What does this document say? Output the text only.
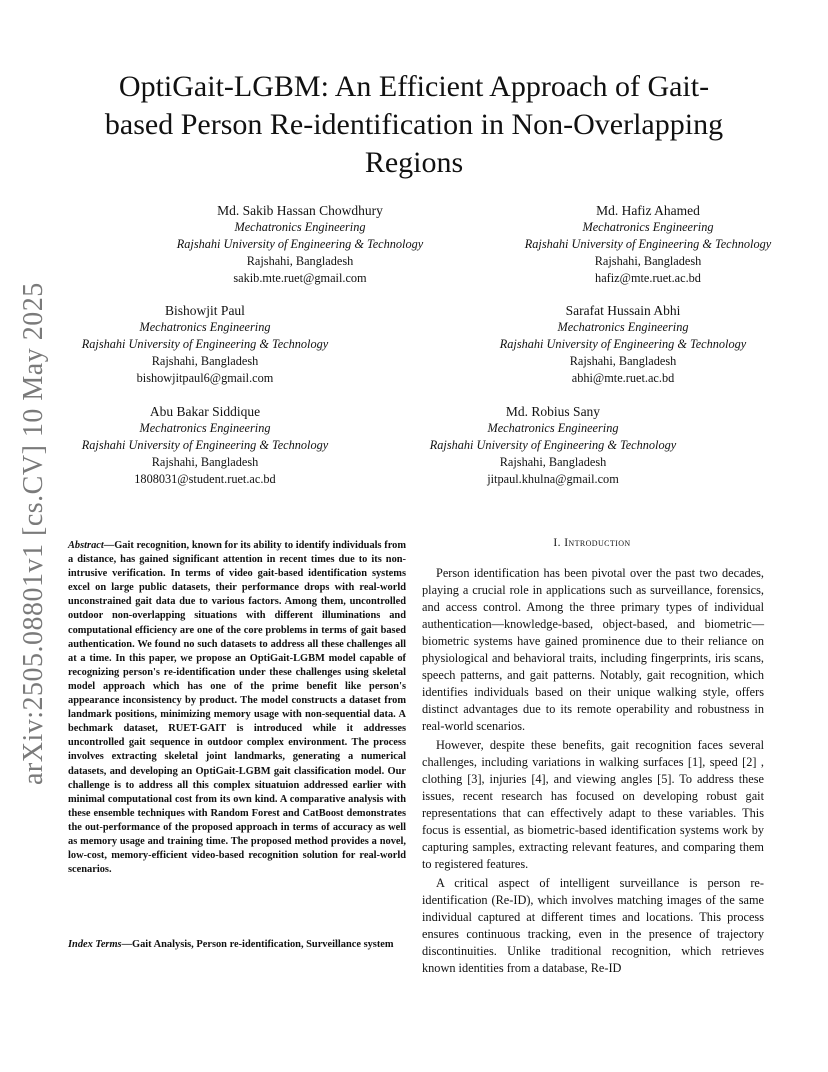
arXiv:2505.08801v1 [cs.CV] 10 May 2025
OptiGait-LGBM: An Efficient Approach of Gait-based Person Re-identification in Non-Overlapping Regions
Md. Sakib Hassan Chowdhury
Mechatronics Engineering
Rajshahi University of Engineering & Technology
Rajshahi, Bangladesh
sakib.mte.ruet@gmail.com
Md. Hafiz Ahamed
Mechatronics Engineering
Rajshahi University of Engineering & Technology
Rajshahi, Bangladesh
hafiz@mte.ruet.ac.bd
Bishowjit Paul
Mechatronics Engineering
Rajshahi University of Engineering & Technology
Rajshahi, Bangladesh
bishowjitpaul6@gmail.com
Sarafat Hussain Abhi
Mechatronics Engineering
Rajshahi University of Engineering & Technology
Rajshahi, Bangladesh
abhi@mte.ruet.ac.bd
Abu Bakar Siddique
Mechatronics Engineering
Rajshahi University of Engineering & Technology
Rajshahi, Bangladesh
1808031@student.ruet.ac.bd
Md. Robius Sany
Mechatronics Engineering
Rajshahi University of Engineering & Technology
Rajshahi, Bangladesh
jitpaul.khulna@gmail.com
Abstract—Gait recognition, known for its ability to identify individuals from a distance, has gained significant attention in recent times due to its non-intrusive verification. In terms of video gait-based identification systems excel on large public datasets, their performance drops with real-world unconstrained gait data due to various factors. Among them, uncontrolled outdoor non-overlapping situations with different illuminations and computational efficiency are one of the core problems in terms of gait based authentication. We found no such datasets to address all these challenges all at a time. In this paper, we propose an OptiGait-LGBM model capable of recognizing person's re-identification under these challenges using skeletal model approach which has one of the prime benefit like person's appearance inconsistency by product. The model constructs a dataset from landmark positions, minimizing memory usage with non-sequential data. A bechmark dataset, RUET-GAIT is introduced while it addresses uncontrolled gait sequence in outdoor complex environment. The process involves extracting skeletal joint landmarks, generating a numerical datasets, and developing an OptiGait-LGBM gait classification model. Our challenge is to address all this complex situatuion addressed earlier with minimal computational cost from its own kind. A comparative analysis with these ensemble techniques with Random Forest and CatBoost demonstrates the out-performance of the proposed approach in terms of accuracy as well as memory usage and training time. The proposed method provides a novel, low-cost, memory-efficient video-based recognition solution for real-world scenarios.
Index Terms—Gait Analysis, Person re-identification, Surveillance system
I. Introduction

Person identification has been pivotal over the past two decades, playing a crucial role in applications such as surveillance, forensics, and access control. Among the three primary types of individual authentication—knowledge-based, object-based, and biometric—biometric systems have gained prominence due to their reliance on physiological and behavioral traits, including fingerprints, iris scans, speech patterns, and gait patterns. Notably, gait recognition, which identifies individuals based on their unique walking style, offers distinct advantages due to its remote operability and robustness in real-world scenarios.

However, despite these benefits, gait recognition faces several challenges, including variations in walking surfaces [1], speed [2] , clothing [3], injuries [4], and viewing angles [5]. To address these issues, recent research has focused on developing robust gait representations that can effectively adapt to these variables. This focus is essential, as biometric-based identification systems work by capturing samples, extracting relevant features, and comparing them to registered features.

A critical aspect of intelligent surveillance is person re-identification (Re-ID), which involves matching images of the same individual captured at different times and locations. This process ensures continuous tracking, even in the presence of trajectory discontinuities. Unlike traditional recognition, which retrieves known identities from a database, Re-ID
